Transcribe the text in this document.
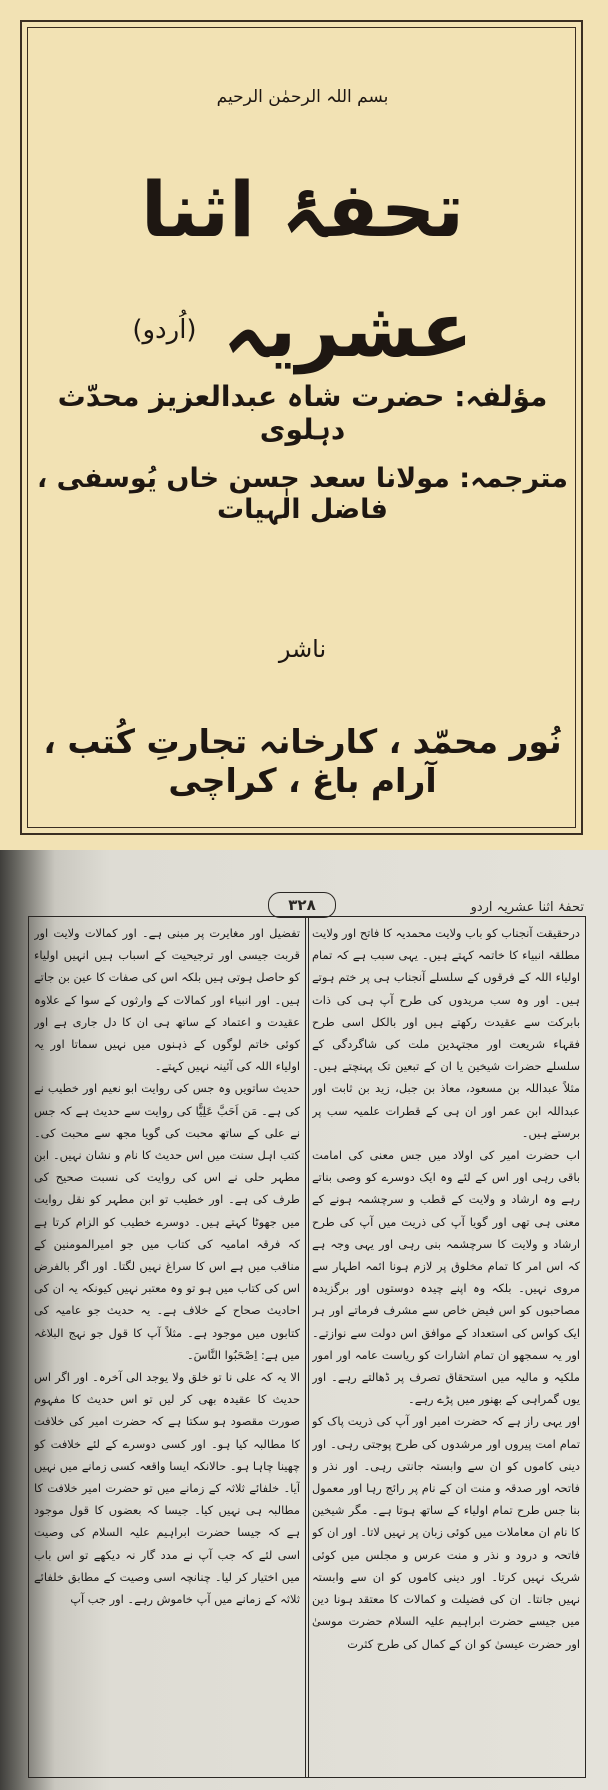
بسم اللہ الرحمٰن الرحیم
تحفۂ اثنا عشریہ $^{(اُردو)}$
مؤلفہ: حضرت شاہ عبدالعزیز محدّث دہلوی
مترجمہ: مولانا سعد حسن خاں یُوسفی ، فاضل الٰہیات
ناشر
نُور محمّد ، کارخانہ تجارتِ کُتب ، آرام باغ ، کراچی
تحفۂ اثنا عشریہ اردو
۳۲۸

درحقیقت آنجناب کو باب ولایت محمدیہ کا فاتح اور ولایت مطلقہ انبیاء کا خاتمہ کہتے ہیں۔ یہی سبب ہے کہ تمام اولیاء اللہ کے فرقوں کے سلسلے آنجناب ہی پر ختم ہوتے ہیں۔ اور وہ سب مریدوں کی طرح آپ ہی کی ذات بابرکت سے عقیدت رکھتے ہیں اور بالکل اسی طرح فقہاء شریعت اور مجتہدین ملت کی شاگردگی کے سلسلے حضرات شیخین یا ان کے تبعین تک پہنچتے ہیں۔ مثلاً عبداللہ بن مسعود، معاذ بن جبل، زید بن ثابت اور عبداللہ ابن عمر اور ان ہی کے قطرات علمیہ سب پر برستے ہیں۔

اب حضرت امیر کی اولاد میں جس معنی کی امامت باقی رہی اور اس کے لئے وہ ایک دوسرے کو وصی بناتے رہے وہ ارشاد و ولایت کے قطب و سرچشمہ ہونے کے معنی ہی تھی اور گویا آپ کی ذریت میں آپ کی طرح ارشاد و ولایت کا سرچشمہ بنی رہی اور یہی وجہ ہے کہ اس امر کا تمام مخلوق پر لازم ہونا ائمہ اطہار سے مروی نہیں۔ بلکہ وہ اپنے چیدہ دوستوں اور برگزیدہ مصاحبوں کو اس فیض خاص سے مشرف فرماتے اور ہر ایک کواس کی استعداد کے موافق اس دولت سے نوازتے۔ اور یہ سمجھو ان تمام اشارات کو ریاست عامہ اور امور ملکیہ و مالیہ میں استحقاق تصرف پر ڈھالتے رہے۔ اور یوں گمراہی کے بھنور میں پڑے رہے۔

اور یہی راز ہے کہ حضرت امیر اور آپ کی ذریت پاک کو تمام امت پیروں اور مرشدوں کی طرح پوجتی رہی۔ اور دینی کاموں کو ان سے وابستہ جانتی رہی۔ اور نذر و فاتحہ اور صدقہ و منت ان کے نام پر رائج رہا اور معمول بنا جس طرح تمام اولیاء کے ساتھ ہوتا ہے۔ مگر شیخین کا نام ان معاملات میں کوئی زبان پر نہیں لاتا۔ اور ان کو فاتحہ و درود و نذر و منت عرس و مجلس میں کوئی شریک نہیں کرتا۔ اور دینی کاموں کو ان سے وابستہ نہیں جانتا۔ ان کی فضیلت و کمالات کا معتقد ہونا دین میں جیسے حضرت ابراہیم علیہ السلام حضرت موسیٰ اور حضرت عیسیٰ کو ان کے کمال کی طرح کثرت

تفضیل اور مغایرت پر مبنی ہے۔ اور کمالات ولایت اور قربت جیسی اور ترجیحیت کے اسباب ہیں انہیں اولیاء کو حاصل ہوتی ہیں بلکہ اس کی صفات کا عین بن جاتے ہیں۔ اور انبیاء اور کمالات کے وارثوں کے سوا کے علاوہ عقیدت و اعتماد کے ساتھ ہی ان کا دل جاری ہے اور کوئی خاتم لوگوں کے ذہنوں میں نہیں سماتا اور یہ اولیاء اللہ کی آئینہ نہیں کہتے۔

حدیث ساتویں وہ جس کی روایت ابو نعیم اور خطیب نے کی ہے۔ مَن اَحَبَّ عَلِیًّا کی روایت سے حدیث ہے کہ جس نے علی کے ساتھ محبت کی گویا مجھ سے محبت کی۔ کتب اہل سنت میں اس حدیث کا نام و نشان نہیں۔ ابن مطہر حلی نے اس کی روایت کی نسبت صحیح کی طرف کی ہے۔ اور خطیب تو ابن مطہر کو نقل روایت میں جھوٹا کہتے ہیں۔ دوسرے خطیب کو الزام کرتا ہے کہ فرقہ امامیہ کی کتاب میں جو امیرالمومنین کے مناقب میں ہے اس کا سراغ نہیں لگتا۔ اور اگر بالفرض اس کی کتاب میں ہو تو وہ معتبر نہیں کیونکہ یہ ان کی احادیث صحاح کے خلاف ہے۔ یہ حدیث جو عامیہ کی کتابوں میں موجود ہے۔ مثلاً آپ کا قول جو نہج البلاغہ میں ہے: اِصْحَبُوا النَّاسَ۔

الا یہ کہ علی نا تو خلق ولا یوجد الی آخرہ۔ اور اگر اس حدیث کا عقیدہ بھی کر لیں تو اس حدیث کا مفہوم صورت مقصود ہو سکتا ہے کہ حضرت امیر کی خلافت کا مطالبہ کیا ہو۔ اور کسی دوسرے کے لئے خلافت کو چھینا چاہا ہو۔ حالانکہ ایسا واقعہ کسی زمانے میں نہیں آیا۔ خلفائے ثلاثہ کے زمانے میں تو حضرت امیر خلافت کا مطالبہ ہی نہیں کیا۔ جیسا کہ بعضوں کا قول موجود ہے کہ جیسا حضرت ابراہیم علیہ السلام کی وصیت اسی لئے کہ جب آپ نے مدد گار نہ دیکھے تو اس باب میں اختیار کر لیا۔ چنانچہ اسی وصیت کے مطابق خلفائے ثلاثہ کے زمانے میں آپ خاموش رہے۔ اور جب آپ
